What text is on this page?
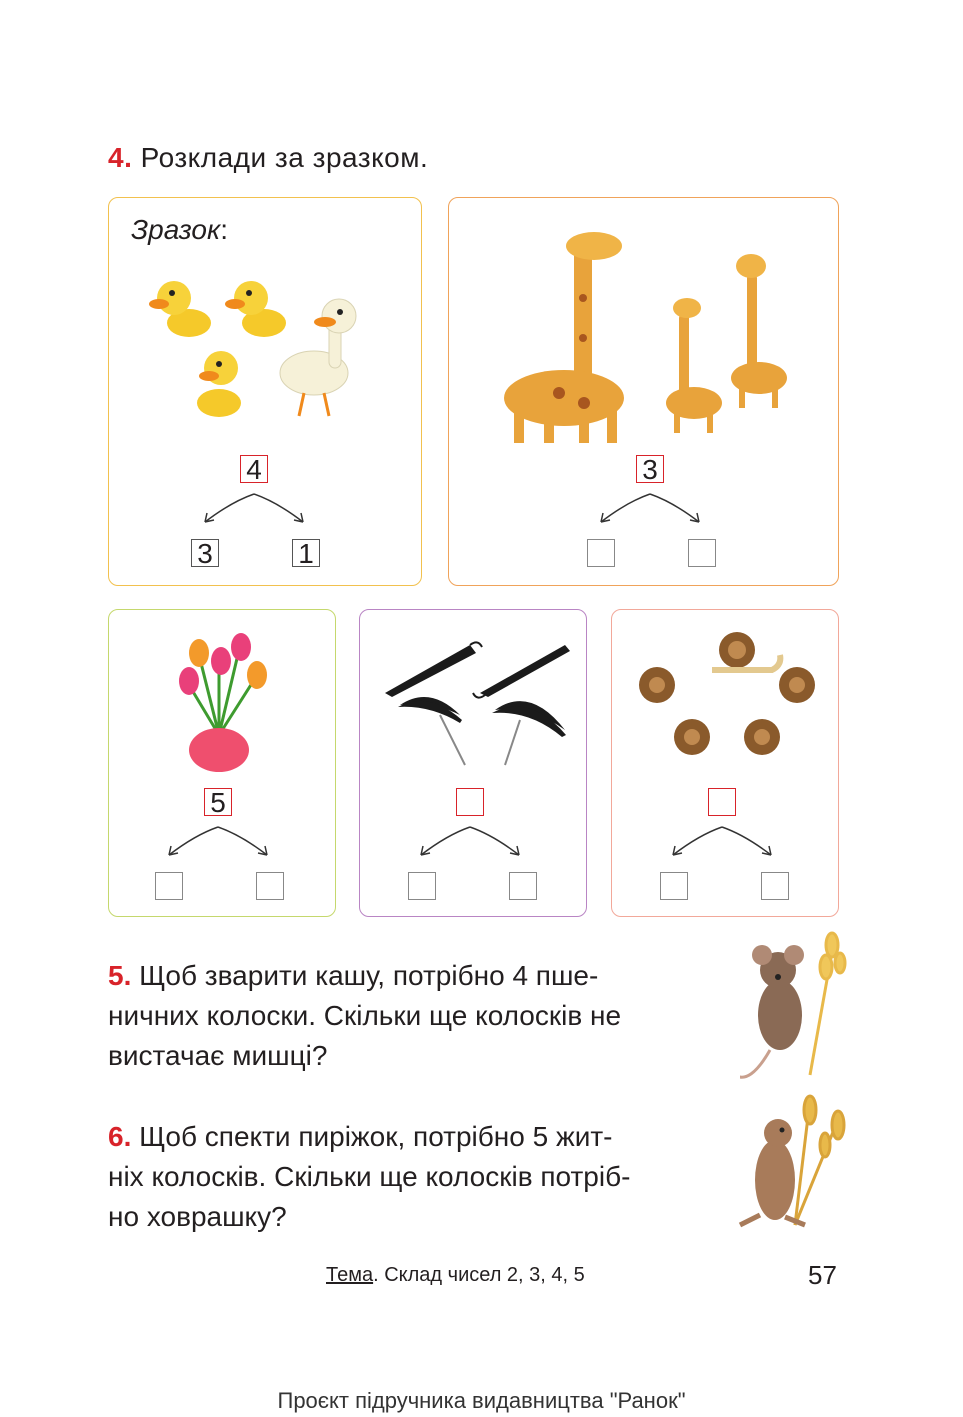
4. Розклади за зразком.
Зразок:
4
3	1
3
5
5. Щоб зварити кашу, потрібно 4 пше-
ничних колоски. Скільки ще колосків не
вистачає мишці?
6. Щоб спекти пиріжок, потрібно 5 жит-
ніх колосків. Скільки ще колосків потріб-
но ховрашку?
Тема. Склад чисел 2, 3, 4, 5	57
Проєкт підручника видавництва "Ранок"
